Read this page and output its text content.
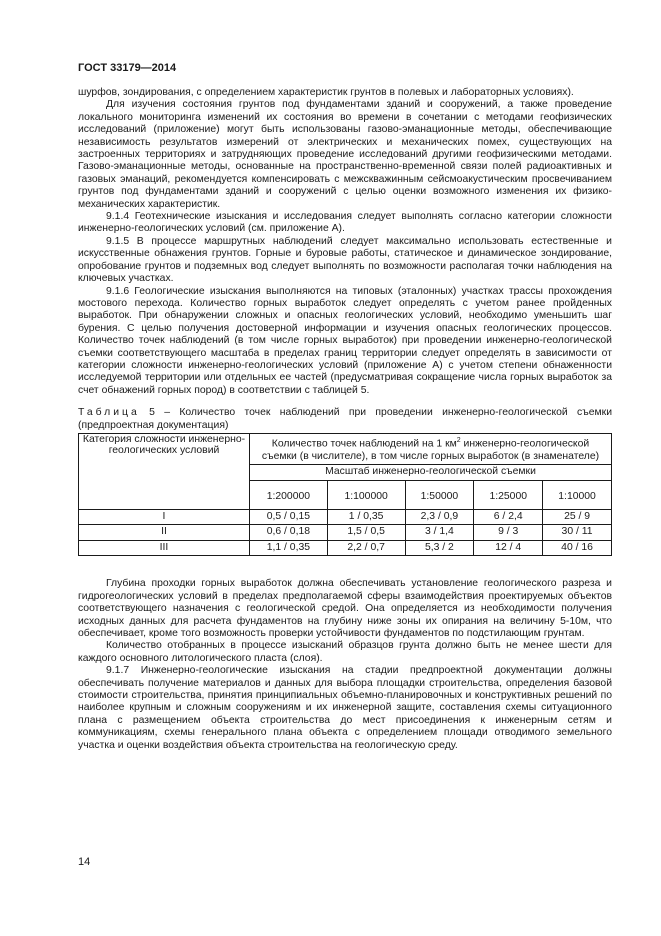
ГОСТ 33179—2014

шурфов, зондирования, с определением характеристик грунтов в полевых и лабораторных условиях).

Для изучения состояния грунтов под фундаментами зданий и сооружений, а также проведение локального мониторинга изменений их состояния во времени в сочетании с методами геофизических исследований (приложение) могут быть использованы газово-эманационные методы, обеспечивающие независимость результатов измерений от электрических и механических помех, существующих на застроенных территориях и затрудняющих проведение исследований другими геофизическими методами. Газово-эманационные методы, основанные на пространственно-временной связи полей радиоактивных и газовых эманаций, рекомендуется компенсировать с межскважинным сейсмоакустическим просвечиванием грунтов под фундаментами зданий и сооружений с целью оценки возможного изменения их физико-механических характеристик.

9.1.4 Геотехнические изыскания и исследования следует выполнять согласно категории сложности инженерно-геологических условий (см. приложение А).

9.1.5 В процессе маршрутных наблюдений следует максимально использовать естественные и искусственные обнажения грунтов. Горные и буровые работы, статическое и динамическое зондирование, опробование грунтов и подземных вод следует выполнять по возможности располагая точки наблюдения на ключевых участках.

9.1.6 Геологические изыскания выполняются на типовых (эталонных) участках трассы прохождения мостового перехода. Количество горных выработок следует определять с учетом ранее пройденных выработок. При обнаружении сложных и опасных геологических условий, необходимо уменьшить шаг бурения. С целью получения достоверной информации и изучения опасных геологических процессов. Количество точек наблюдений (в том числе горных выработок) при проведении инженерно-геологической съемки соответствующего масштаба в пределах границ территории следует определять в зависимости от категории сложности инженерно-геологических условий (приложение А) с учетом степени обнаженности исследуемой территории или отдельных ее частей (предусматривая сокращение числа горных выработок за счет обнажений горных пород) в соответствии с таблицей 5.

Таблица 5 – Количество точек наблюдений при проведении инженерно-геологической съемки (предпроектная документация)
Категория сложности инженерно-геологических условий	Количество точек наблюдений на 1 $км^2$ инженерно-геологической съемки (в числителе), в том числе горных выработок (в знаменателе)				
	Масштаб инженерно-геологической съемки				
	1:200000	1:100000	1:50000	1:25000	1:10000
I	0,5 / 0,15	1 / 0,35	2,3 / 0,9	6 / 2,4	25 / 9
II	0,6 / 0,18	1,5 / 0,5	3 / 1,4	9 / 3	30 / 11
III	1,1 / 0,35	2,2 / 0,7	5,3 / 2	12 / 4	40 / 16

Глубина проходки горных выработок должна обеспечивать установление геологического разреза и гидрогеологических условий в пределах предполагаемой сферы взаимодействия проектируемых объектов соответствующего назначения с геологической средой. Она определяется из необходимости получения исходных данных для расчета фундаментов на глубину ниже зоны их опирания на величину 5-10м, что обеспечивает, кроме того возможность проверки устойчивости фундаментов по подстилающим грунтам.

Количество отобранных в процессе изысканий образцов грунта должно быть не менее шести для каждого основного литологического пласта (слоя).

9.1.7 Инженерно-геологические изыскания на стадии предпроектной документации должны обеспечивать получение материалов и данных для выбора площадки строительства, определения базовой стоимости строительства, принятия принципиальных объемно-планировочных и конструктивных решений по наиболее крупным и сложным сооружениям и их инженерной защите, составления схемы ситуационного плана с размещением объекта строительства до мест присоединения к инженерным сетям и коммуникациям, схемы генерального плана объекта с определением площади отводимого земельного участка и оценки воздействия объекта строительства на геологическую среду.

14
